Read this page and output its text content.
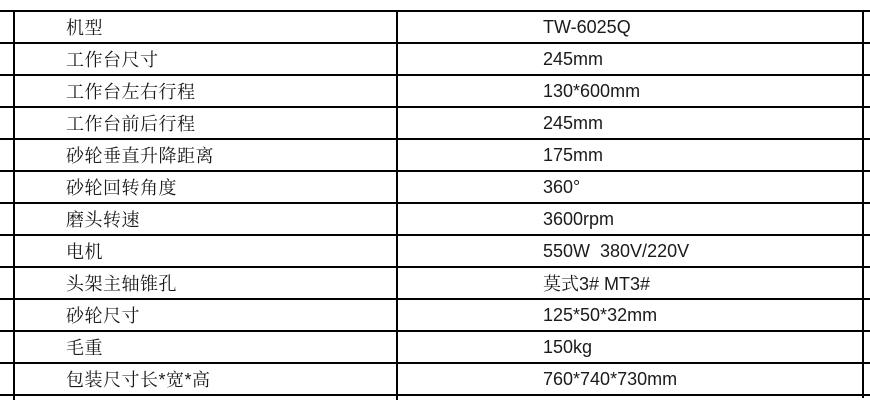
机型	TW-6025Q
工作台尺寸	245mm
工作台左右行程	130*600mm
工作台前后行程	245mm
砂轮垂直升降距离	175mm
砂轮回转角度	360°
磨头转速	3600rpm
电机	550W  380V/220V
头架主轴锥孔	莫式3# MT3#
砂轮尺寸	125*50*32mm
毛重	150kg
包装尺寸长*宽*高	760*740*730mm
